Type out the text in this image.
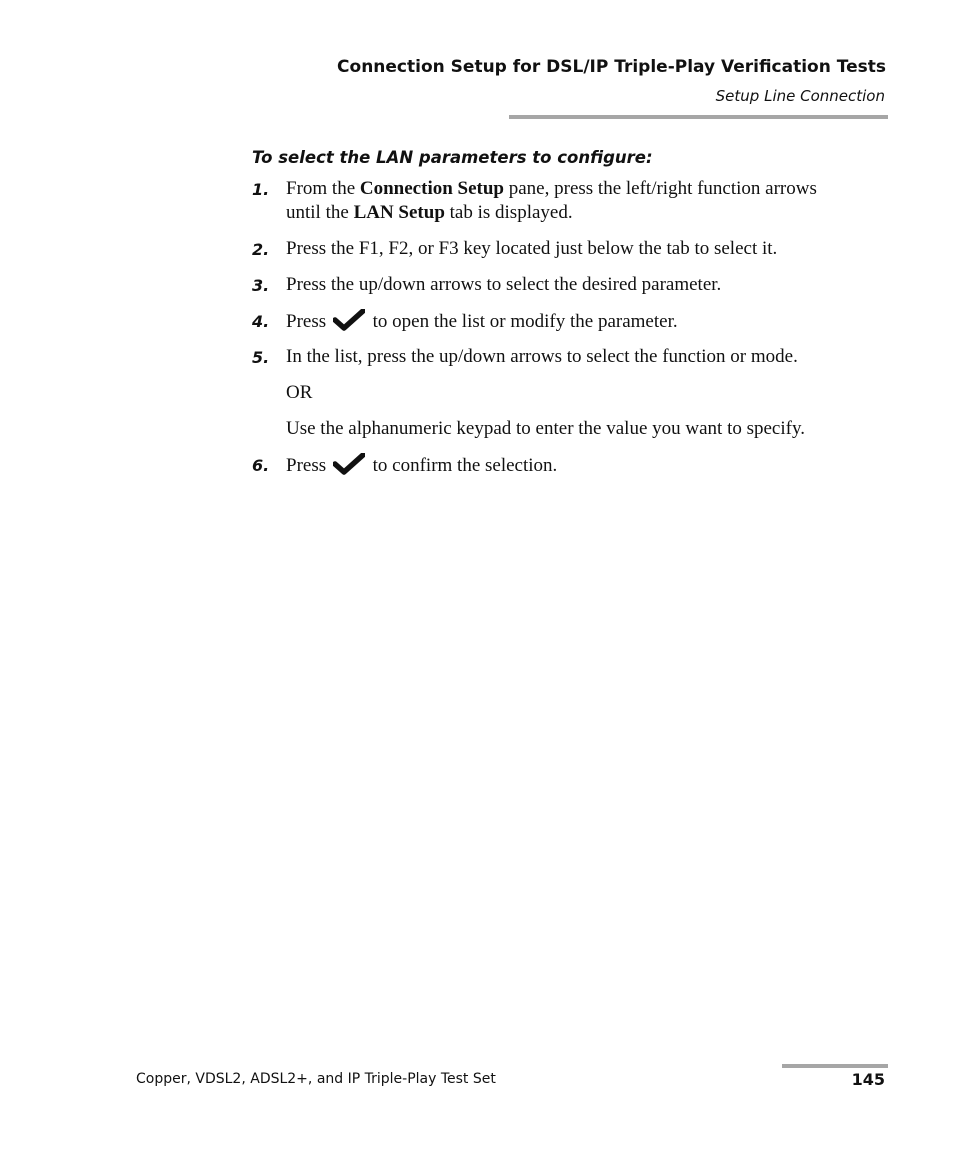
Connection Setup for DSL/IP Triple-Play Verification Tests
Setup Line Connection
To select the LAN parameters to configure:
1. From the Connection Setup pane, press the left/right function arrows
until the LAN Setup tab is displayed.
2. Press the F1, F2, or F3 key located just below the tab to select it.
3. Press the up/down arrows to select the desired parameter.
4. Press  to open the list or modify the parameter.
5. In the list, press the up/down arrows to select the function or mode.
OR
Use the alphanumeric keypad to enter the value you want to specify.
6. Press  to confirm the selection.
Copper, VDSL2, ADSL2+, and IP Triple-Play Test Set	145
